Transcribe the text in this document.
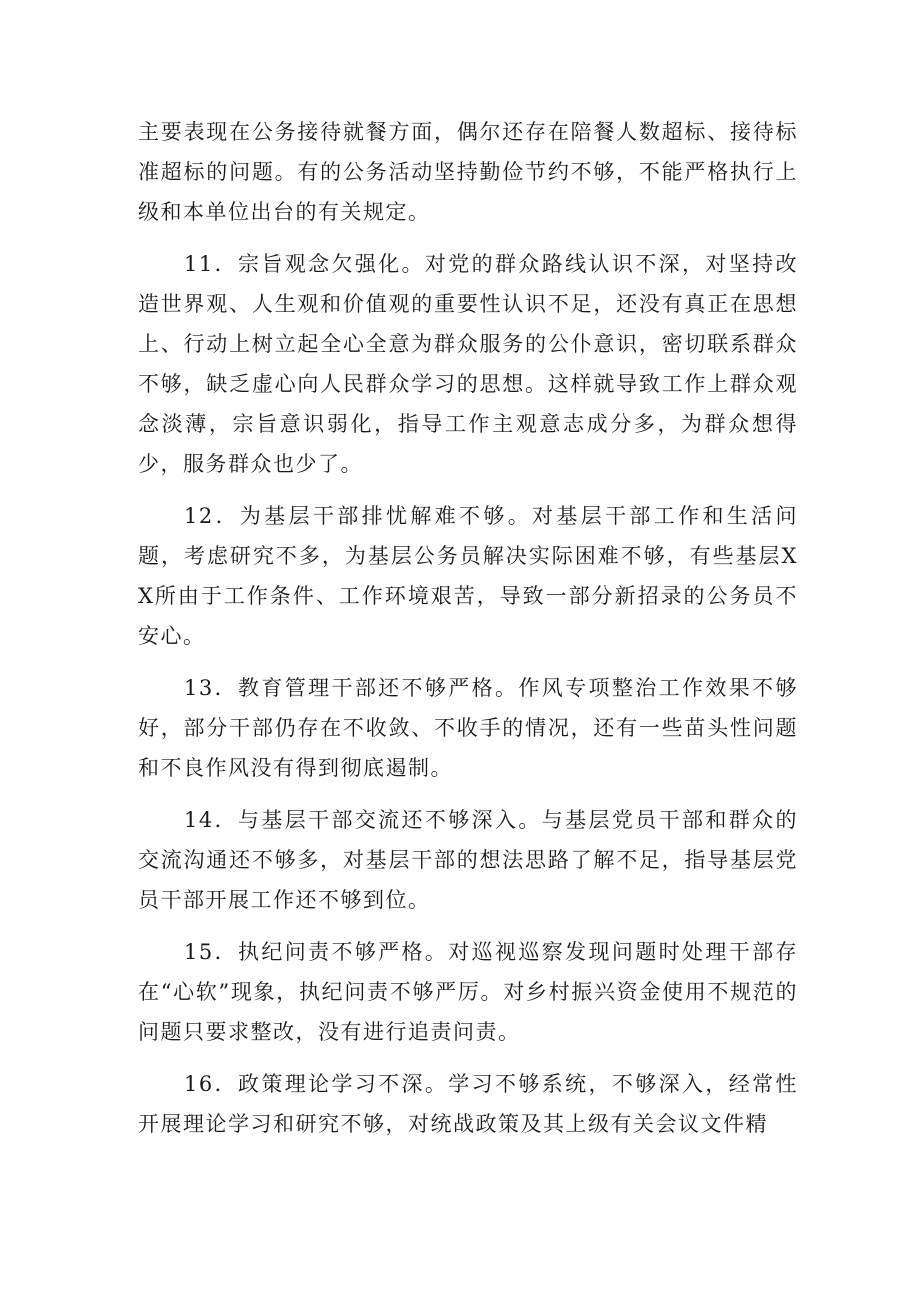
主要表现在公务接待就餐方面，偶尔还存在陪餐人数超标、接待标准超标的问题。有的公务活动坚持勤俭节约不够，不能严格执行上级和本单位出台的有关规定。

11．宗旨观念欠强化。对党的群众路线认识不深，对坚持改造世界观、人生观和价值观的重要性认识不足，还没有真正在思想上、行动上树立起全心全意为群众服务的公仆意识，密切联系群众不够，缺乏虚心向人民群众学习的思想。这样就导致工作上群众观念淡薄，宗旨意识弱化，指导工作主观意志成分多，为群众想得少，服务群众也少了。

12．为基层干部排忧解难不够。对基层干部工作和生活问题，考虑研究不多，为基层公务员解决实际困难不够，有些基层XX所由于工作条件、工作环境艰苦，导致一部分新招录的公务员不安心。

13．教育管理干部还不够严格。作风专项整治工作效果不够好，部分干部仍存在不收敛、不收手的情况，还有一些苗头性问题和不良作风没有得到彻底遏制。

14．与基层干部交流还不够深入。与基层党员干部和群众的交流沟通还不够多，对基层干部的想法思路了解不足，指导基层党员干部开展工作还不够到位。

15．执纪问责不够严格。对巡视巡察发现问题时处理干部存在“心软”现象，执纪问责不够严厉。对乡村振兴资金使用不规范的问题只要求整改，没有进行追责问责。

16．政策理论学习不深。学习不够系统，不够深入，经常性开展理论学习和研究不够，对统战政策及其上级有关会议文件精
